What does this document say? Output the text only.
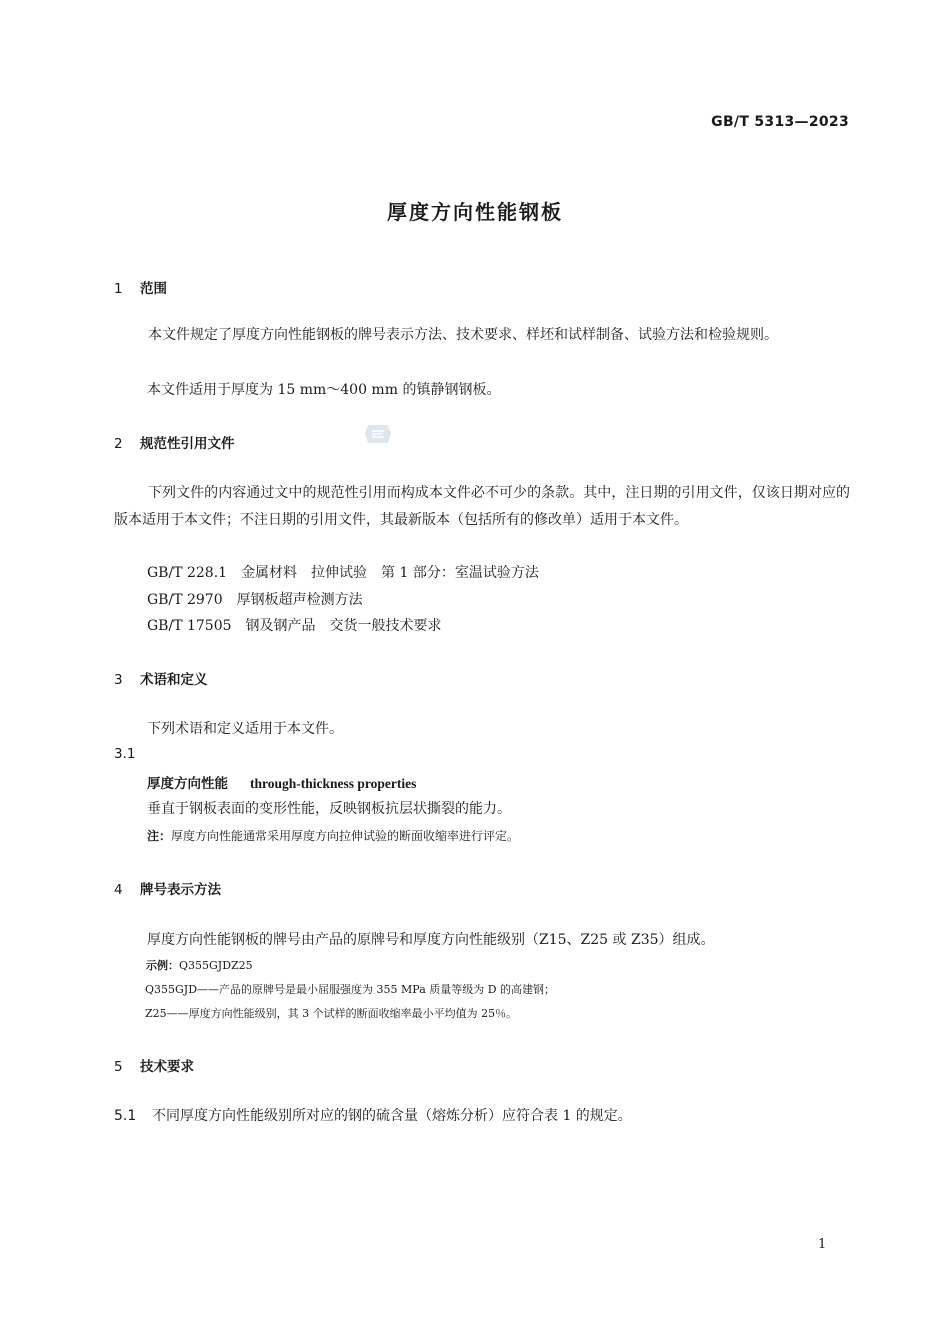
GB/T 5313—2023
厚度方向性能钢板
1 范围
本文件规定了厚度方向性能钢板的牌号表示方法、技术要求、样坯和试样制备、试验方法和检验规则。
本文件适用于厚度为 15 mm～400 mm 的镇静钢钢板。
2 规范性引用文件
下列文件的内容通过文中的规范性引用而构成本文件必不可少的条款。其中，注日期的引用文件，仅该日期对应的版本适用于本文件；不注日期的引用文件，其最新版本（包括所有的修改单）适用于本文件。
GB/T 228.1 金属材料　拉伸试验　第 1 部分：室温试验方法
GB/T 2970 厚钢板超声检测方法
GB/T 17505 钢及钢产品　交货一般技术要求
3 术语和定义
下列术语和定义适用于本文件。
3.1
厚度方向性能 through-thickness properties
垂直于钢板表面的变形性能，反映钢板抗层状撕裂的能力。
注：厚度方向性能通常采用厚度方向拉伸试验的断面收缩率进行评定。
4 牌号表示方法
厚度方向性能钢板的牌号由产品的原牌号和厚度方向性能级别（Z15、Z25 或 Z35）组成。
示例：Q355GJDZ25
Q355GJD——产品的原牌号是最小屈服强度为 355 MPa 质量等级为 D 的高建钢；
Z25——厚度方向性能级别，其 3 个试样的断面收缩率最小平均值为 25％。
5 技术要求
5.1 不同厚度方向性能级别所对应的钢的硫含量（熔炼分析）应符合表 1 的规定。
1
